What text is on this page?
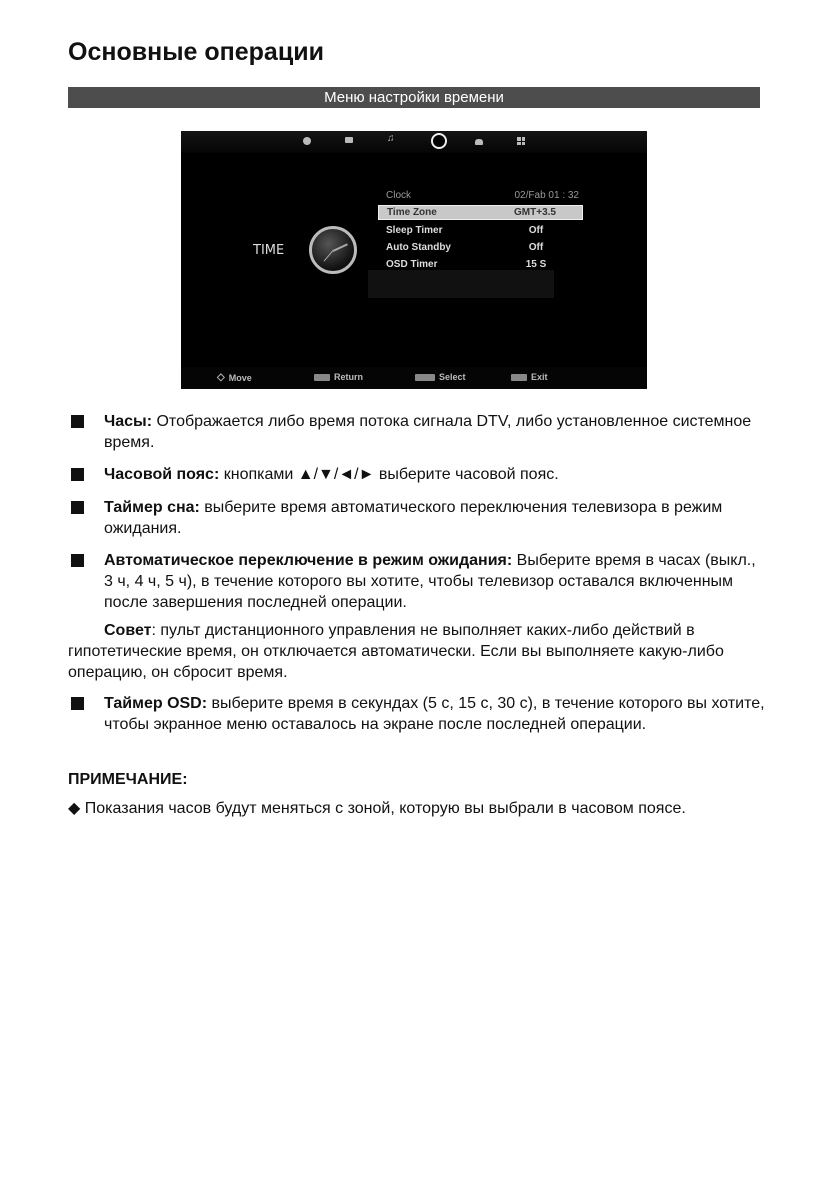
Основные операции
Меню настройки времени
♫
TIME
Clock	02/Fab 01 : 32
Time Zone	GMT+3.5
Sleep Timer	Off
Auto Standby	Off
OSD Timer	15 S
◇ Move	Return	Select	Exit
Часы: Отображается либо время потока сигнала DTV, либо установленное системное время.
Часовой пояс: кнопками ▲/▼/◄/► выберите часовой пояс.
Таймер сна: выберите время автоматического переключения телевизора в режим ожидания.
Автоматическое переключение в режим ожидания: Выберите время в часах (выкл., 3 ч, 4 ч, 5 ч), в течение которого вы хотите, чтобы телевизор оставался включенным после завершения последней операции.
Таймер OSD: выберите время в секундах (5 с, 15 с, 30 с), в течение которого вы хотите, чтобы экранное меню оставалось на экране после последней операции.
Совет: пульт дистанционного управления не выполняет каких-либо действий в гипотетические время, он отключается автоматически. Если вы выполняете какую-либо операцию, он сбросит время.
ПРИМЕЧАНИЕ:
◆ Показания часов будут меняться с зоной, которую вы выбрали в часовом поясе.
